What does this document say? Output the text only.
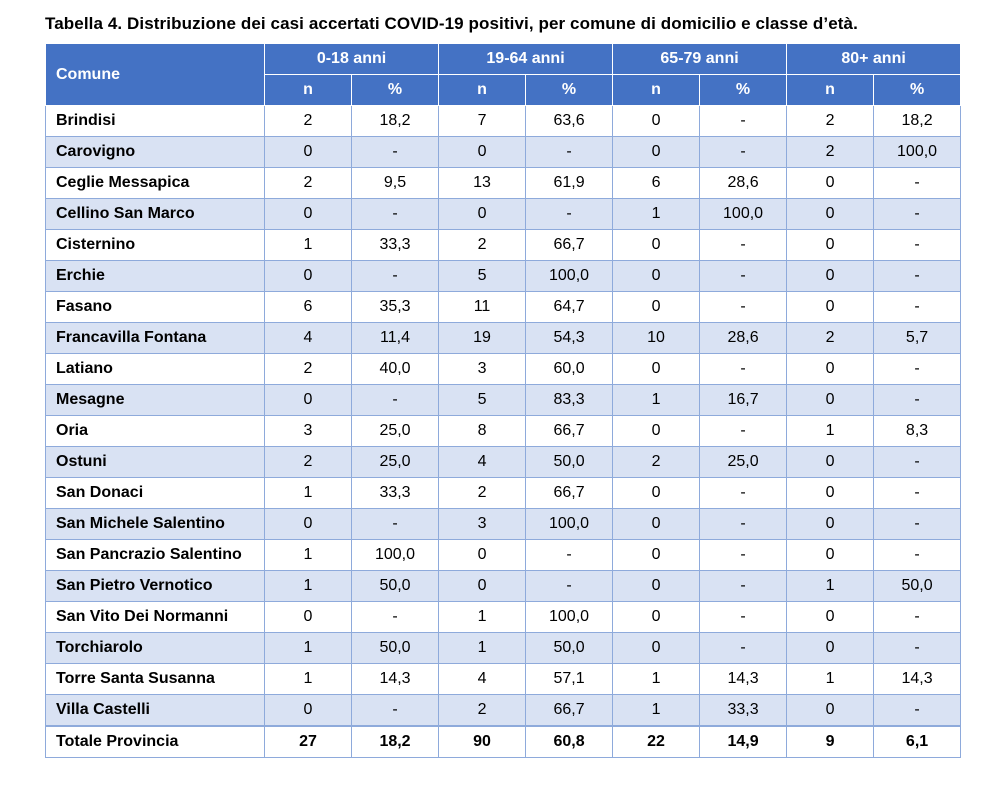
Tabella 4. Distribuzione dei casi accertati COVID-19 positivi, per comune di domicilio e classe d’età.
Comune	0-18 anni		19-64 anni		65-79 anni		80+ anni	
	n	%	n	%	n	%	n	%
Brindisi	2	18,2	7	63,6	0	-	2	18,2
Carovigno	0	-	0	-	0	-	2	100,0
Ceglie Messapica	2	9,5	13	61,9	6	28,6	0	-
Cellino San Marco	0	-	0	-	1	100,0	0	-
Cisternino	1	33,3	2	66,7	0	-	0	-
Erchie	0	-	5	100,0	0	-	0	-
Fasano	6	35,3	11	64,7	0	-	0	-
Francavilla Fontana	4	11,4	19	54,3	10	28,6	2	5,7
Latiano	2	40,0	3	60,0	0	-	0	-
Mesagne	0	-	5	83,3	1	16,7	0	-
Oria	3	25,0	8	66,7	0	-	1	8,3
Ostuni	2	25,0	4	50,0	2	25,0	0	-
San Donaci	1	33,3	2	66,7	0	-	0	-
San Michele Salentino	0	-	3	100,0	0	-	0	-
San Pancrazio Salentino	1	100,0	0	-	0	-	0	-
San Pietro Vernotico	1	50,0	0	-	0	-	1	50,0
San Vito Dei Normanni	0	-	1	100,0	0	-	0	-
Torchiarolo	1	50,0	1	50,0	0	-	0	-
Torre Santa Susanna	1	14,3	4	57,1	1	14,3	1	14,3
Villa Castelli	0	-	2	66,7	1	33,3	0	-
Totale Provincia	27	18,2	90	60,8	22	14,9	9	6,1
